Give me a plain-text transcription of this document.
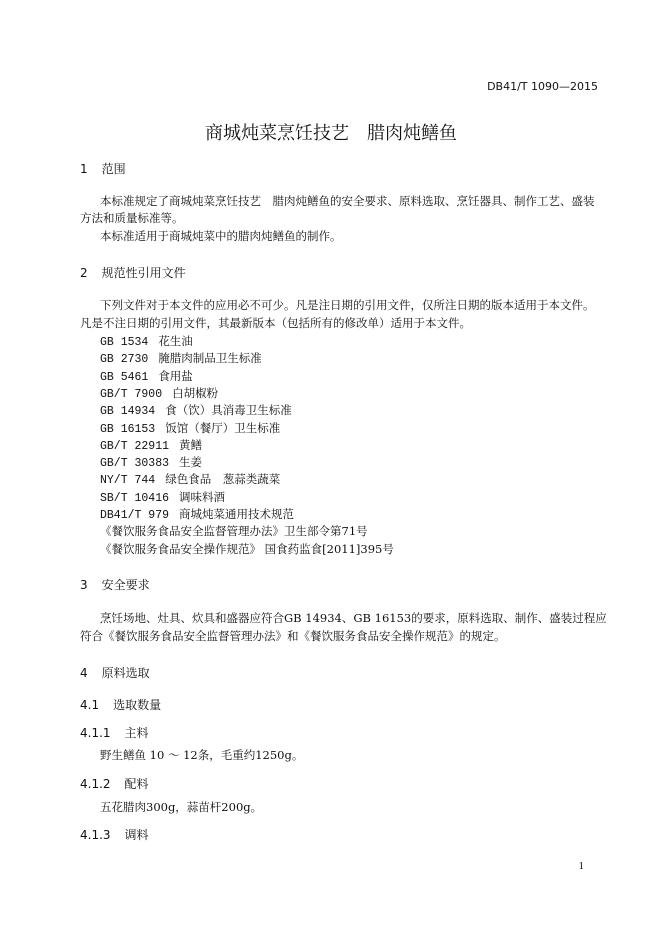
DB41/T 1090—2015
商城炖菜烹饪技艺　腊肉炖鳝鱼
1 范围
本标准规定了商城炖菜烹饪技艺　腊肉炖鳝鱼的安全要求、原料选取、烹饪器具、制作工艺、盛装
方法和质量标准等。
本标准适用于商城炖菜中的腊肉炖鳝鱼的制作。
2 规范性引用文件
下列文件对于本文件的应用必不可少。凡是注日期的引用文件，仅所注日期的版本适用于本文件。
凡是不注日期的引用文件，其最新版本（包括所有的修改单）适用于本文件。
GB 1534 花生油
GB 2730 腌腊肉制品卫生标准
GB 5461 食用盐
GB/T 7900 白胡椒粉
GB 14934 食（饮）具消毒卫生标准
GB 16153 饭馆（餐厅）卫生标准
GB/T 22911 黄鳝
GB/T 30383 生姜
NY/T 744 绿色食品　葱蒜类蔬菜
SB/T 10416 调味料酒
DB41/T 979 商城炖菜通用技术规范
《餐饮服务食品安全监督管理办法》卫生部令第71号
《餐饮服务食品安全操作规范》 国食药监食[2011]395号
3 安全要求
烹饪场地、灶具、炊具和盛器应符合GB 14934、GB 16153的要求，原料选取、制作、盛装过程应
符合《餐饮服务食品安全监督管理办法》和《餐饮服务食品安全操作规范》的规定。
4 原料选取
4.1 选取数量
4.1.1 主料
野生鳝鱼 10 ～ 12条，毛重约1250g。
4.1.2 配料
五花腊肉300g，蒜苗杆200g。
4.1.3 调料
1
